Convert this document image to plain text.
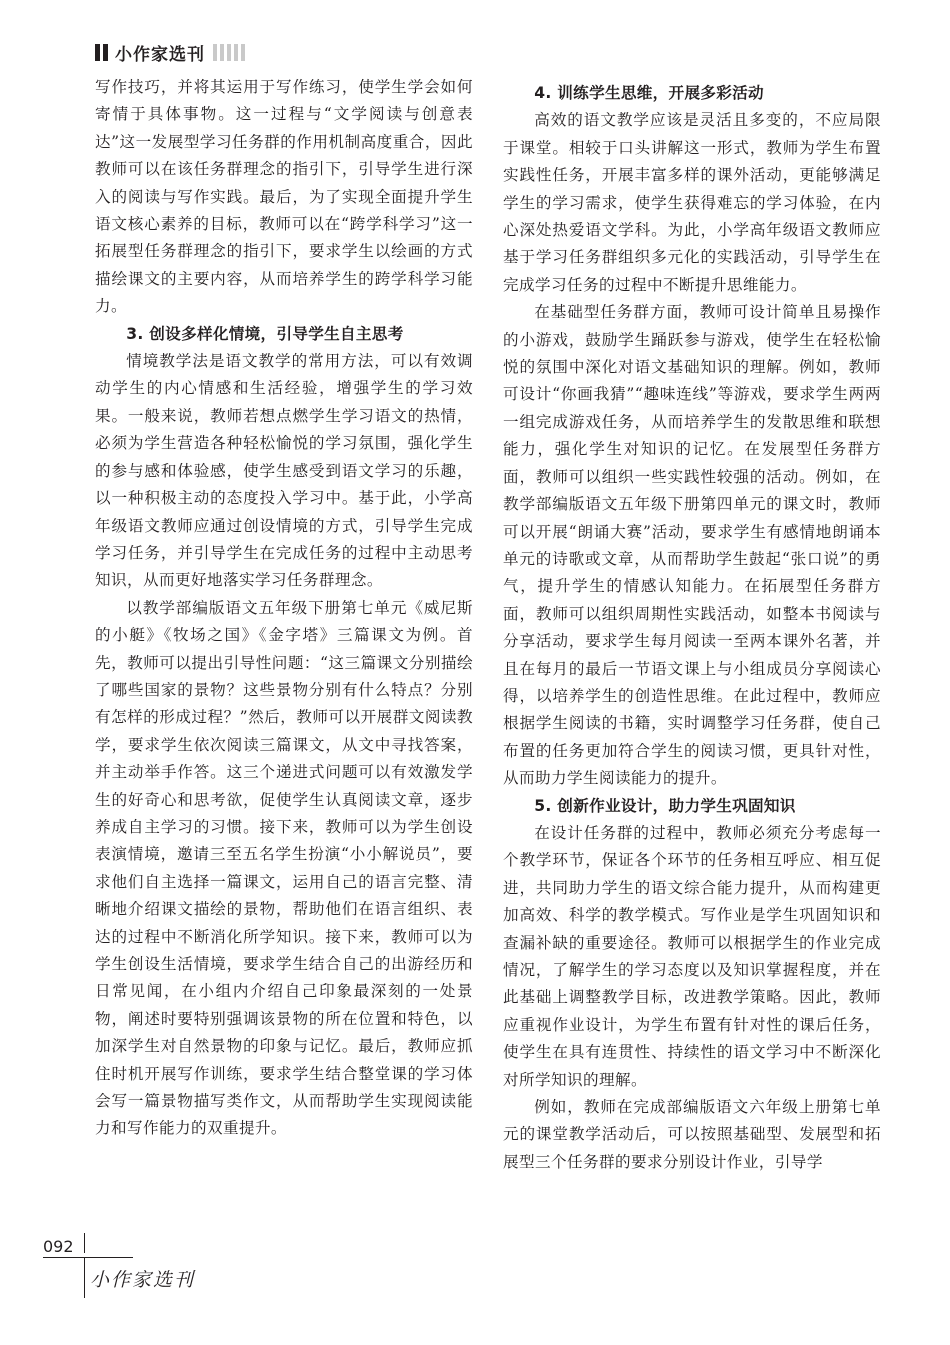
小作家选刊

写作技巧，并将其运用于写作练习，使学生学会如何寄情于具体事物。这一过程与“文学阅读与创意表达”这一发展型学习任务群的作用机制高度重合，因此教师可以在该任务群理念的指引下，引导学生进行深入的阅读与写作实践。最后，为了实现全面提升学生语文核心素养的目标，教师可以在“跨学科学习”这一拓展型任务群理念的指引下，要求学生以绘画的方式描绘课文的主要内容，从而培养学生的跨学科学习能力。

3. 创设多样化情境，引导学生自主思考

情境教学法是语文教学的常用方法，可以有效调动学生的内心情感和生活经验，增强学生的学习效果。一般来说，教师若想点燃学生学习语文的热情，必须为学生营造各种轻松愉悦的学习氛围，强化学生的参与感和体验感，使学生感受到语文学习的乐趣，以一种积极主动的态度投入学习中。基于此，小学高年级语文教师应通过创设情境的方式，引导学生完成学习任务，并引导学生在完成任务的过程中主动思考知识，从而更好地落实学习任务群理念。

以教学部编版语文五年级下册第七单元《威尼斯的小艇》《牧场之国》《金字塔》三篇课文为例。首先，教师可以提出引导性问题：“这三篇课文分别描绘了哪些国家的景物？这些景物分别有什么特点？分别有怎样的形成过程？”然后，教师可以开展群文阅读教学，要求学生依次阅读三篇课文，从文中寻找答案，并主动举手作答。这三个递进式问题可以有效激发学生的好奇心和思考欲，促使学生认真阅读文章，逐步养成自主学习的习惯。接下来，教师可以为学生创设表演情境，邀请三至五名学生扮演“小小解说员”，要求他们自主选择一篇课文，运用自己的语言完整、清晰地介绍课文描绘的景物，帮助他们在语言组织、表达的过程中不断消化所学知识。接下来，教师可以为学生创设生活情境，要求学生结合自己的出游经历和日常见闻，在小组内介绍自己印象最深刻的一处景物，阐述时要特别强调该景物的所在位置和特色，以加深学生对自然景物的印象与记忆。最后，教师应抓住时机开展写作训练，要求学生结合整堂课的学习体会写一篇景物描写类作文，从而帮助学生实现阅读能力和写作能力的双重提升。

4. 训练学生思维，开展多彩活动

高效的语文教学应该是灵活且多变的，不应局限于课堂。相较于口头讲解这一形式，教师为学生布置实践性任务，开展丰富多样的课外活动，更能够满足学生的学习需求，使学生获得难忘的学习体验，在内心深处热爱语文学科。为此，小学高年级语文教师应基于学习任务群组织多元化的实践活动，引导学生在完成学习任务的过程中不断提升思维能力。

在基础型任务群方面，教师可设计简单且易操作的小游戏，鼓励学生踊跃参与游戏，使学生在轻松愉悦的氛围中深化对语文基础知识的理解。例如，教师可设计“你画我猜”“趣味连线”等游戏，要求学生两两一组完成游戏任务，从而培养学生的发散思维和联想能力，强化学生对知识的记忆。在发展型任务群方面，教师可以组织一些实践性较强的活动。例如，在教学部编版语文五年级下册第四单元的课文时，教师可以开展“朗诵大赛”活动，要求学生有感情地朗诵本单元的诗歌或文章，从而帮助学生鼓起“张口说”的勇气，提升学生的情感认知能力。在拓展型任务群方面，教师可以组织周期性实践活动，如整本书阅读与分享活动，要求学生每月阅读一至两本课外名著，并且在每月的最后一节语文课上与小组成员分享阅读心得，以培养学生的创造性思维。在此过程中，教师应根据学生阅读的书籍，实时调整学习任务群，使自己布置的任务更加符合学生的阅读习惯，更具针对性，从而助力学生阅读能力的提升。

5. 创新作业设计，助力学生巩固知识

在设计任务群的过程中，教师必须充分考虑每一个教学环节，保证各个环节的任务相互呼应、相互促进，共同助力学生的语文综合能力提升，从而构建更加高效、科学的教学模式。写作业是学生巩固知识和查漏补缺的重要途径。教师可以根据学生的作业完成情况，了解学生的学习态度以及知识掌握程度，并在此基础上调整教学目标，改进教学策略。因此，教师应重视作业设计，为学生布置有针对性的课后任务，使学生在具有连贯性、持续性的语文学习中不断深化对所学知识的理解。

例如，教师在完成部编版语文六年级上册第七单元的课堂教学活动后，可以按照基础型、发展型和拓展型三个任务群的要求分别设计作业，引导学

092
小作家选刊
